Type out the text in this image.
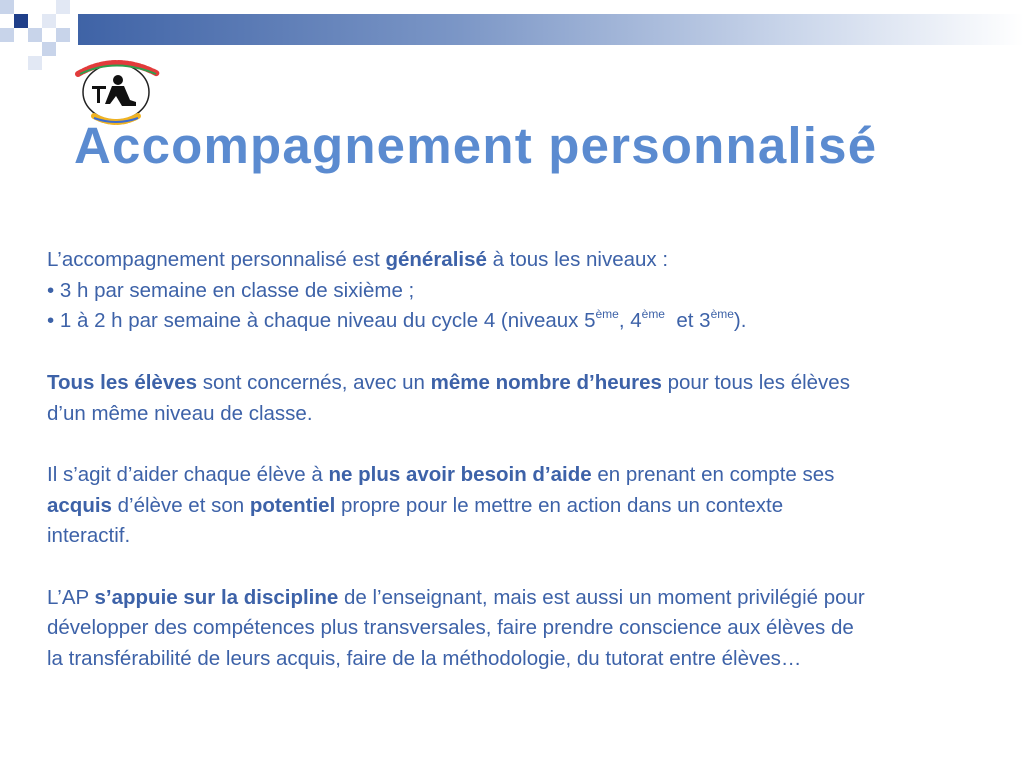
Accompagnement personnalisé

L’accompagnement personnalisé est généralisé à tous les niveaux :

• 3 h par semaine en classe de sixième ;

• 1 à 2 h par semaine à chaque niveau du cycle 4 (niveaux 5ème, 4ème  et 3ème).

Tous les élèves sont concernés, avec un même nombre d’heures pour tous les élèves

d’un même niveau de classe.

Il s’agit d’aider chaque élève à ne plus avoir besoin d’aide en prenant en compte ses

acquis d’élève et son potentiel propre pour le mettre en action dans un contexte

interactif.

L’AP s’appuie sur la discipline de l’enseignant, mais est aussi un moment privilégié pour

développer des compétences plus transversales, faire prendre conscience aux élèves de

la transférabilité de leurs acquis, faire de la méthodologie, du tutorat entre élèves…
